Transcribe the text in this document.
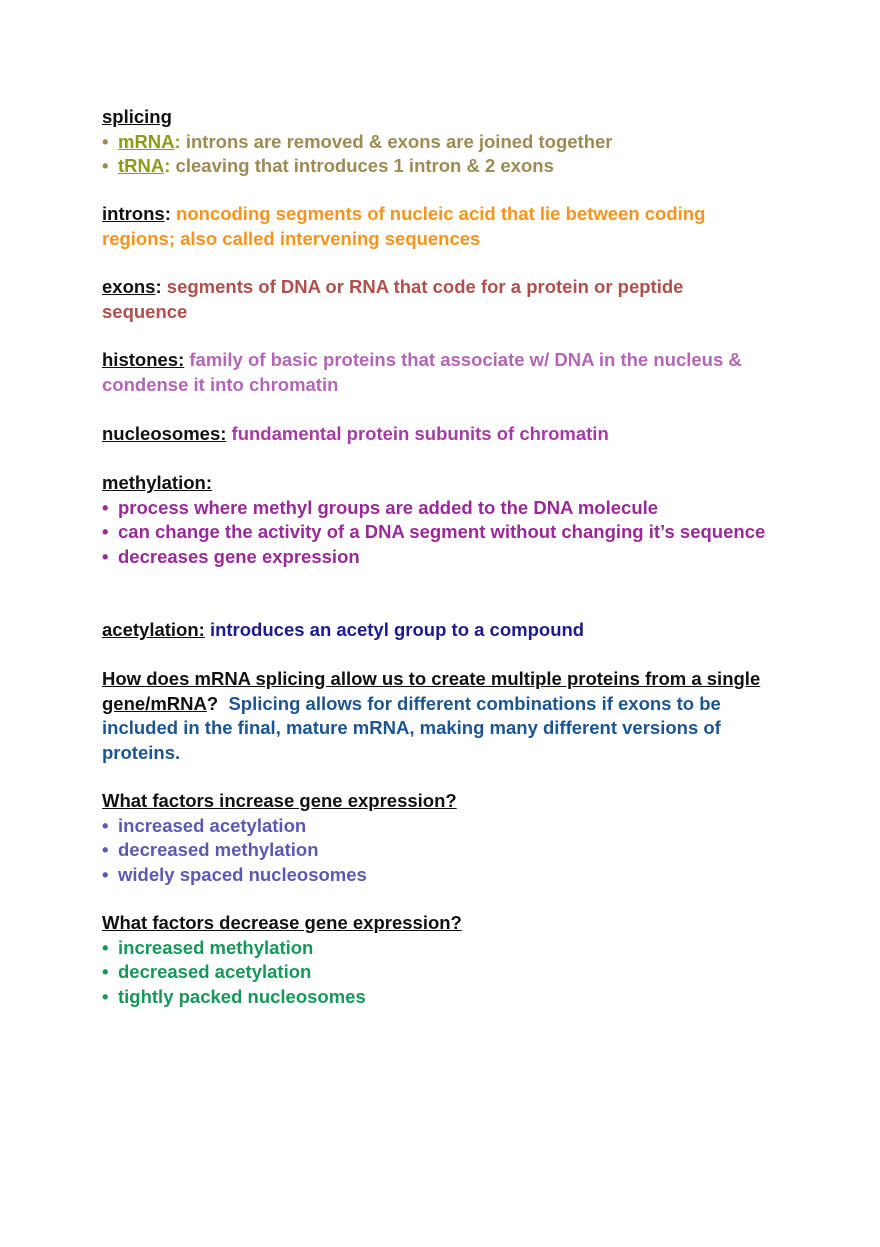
splicing
• mRNA: introns are removed & exons are joined together
• tRNA: cleaving that introduces 1 intron & 2 exons
introns: noncoding segments of nucleic acid that lie between coding regions; also called intervening sequences
exons: segments of DNA or RNA that code for a protein or peptide sequence
histones: family of basic proteins that associate w/ DNA in the nucleus & condense it into chromatin
nucleosomes: fundamental protein subunits of chromatin
methylation:
• process where methyl groups are added to the DNA molecule
• can change the activity of a DNA segment without changing it’s sequence
• decreases gene expression
acetylation: introduces an acetyl group to a compound
How does mRNA splicing allow us to create multiple proteins from a single gene/mRNA?  Splicing allows for different combinations if exons to be included in the final, mature mRNA, making many different versions of proteins.
What factors increase gene expression?
• increased acetylation
• decreased methylation
• widely spaced nucleosomes
What factors decrease gene expression?
• increased methylation
• decreased acetylation
• tightly packed nucleosomes
